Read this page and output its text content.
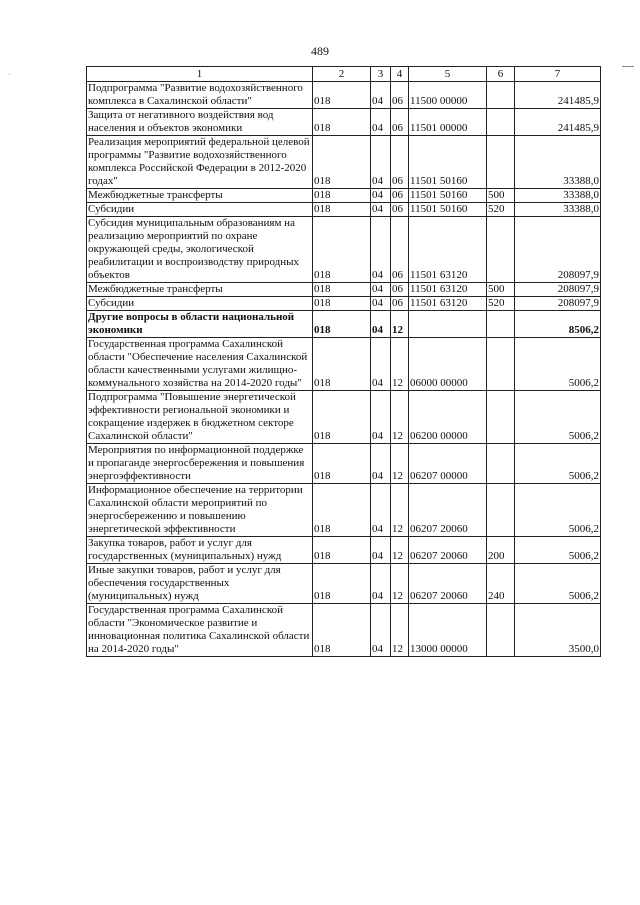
·
489
1	2	3	4	5	6	7
Подпрограмма "Развитие водохозяйственного комплекса в Сахалинской области"	018	04	06	11500 00000		241485,9
Защита от негативного воздействия вод населения и объектов экономики	018	04	06	11501 00000		241485,9
Реализация мероприятий федеральной целевой программы "Развитие водохозяйственного комплекса Российской Федерации в 2012-2020 годах"	018	04	06	11501 50160		33388,0
Межбюджетные трансферты	018	04	06	11501 50160	500	33388,0
Субсидии	018	04	06	11501 50160	520	33388,0
Субсидия муниципальным образованиям на реализацию мероприятий по охране окружающей среды, экологической реабилитации и воспроизводству природных объектов	018	04	06	11501 63120		208097,9
Межбюджетные трансферты	018	04	06	11501 63120	500	208097,9
Субсидии	018	04	06	11501 63120	520	208097,9
Другие вопросы в области национальной экономики	018	04	12			8506,2
Государственная программа Сахалинской области "Обеспечение населения Сахалинской области качественными услугами жилищно-коммунального хозяйства на 2014-2020 годы"	018	04	12	06000 00000		5006,2
Подпрограмма "Повышение энергетической эффективности региональной экономики и сокращение издержек в бюджетном секторе Сахалинской области"	018	04	12	06200 00000		5006,2
Мероприятия по информационной поддержке и пропаганде энергосбережения и повышения энергоэффективности	018	04	12	06207 00000		5006,2
Информационное обеспечение на территории Сахалинской области мероприятий по энергосбережению и повышению энергетической эффективности	018	04	12	06207 20060		5006,2
Закупка товаров, работ и услуг для государственных (муниципальных) нужд	018	04	12	06207 20060	200	5006,2
Иные закупки товаров, работ и услуг для обеспечения государственных (муниципальных) нужд	018	04	12	06207 20060	240	5006,2
Государственная программа Сахалинской области "Экономическое развитие и инновационная политика Сахалинской области на 2014-2020 годы"	018	04	12	13000 00000		3500,0
